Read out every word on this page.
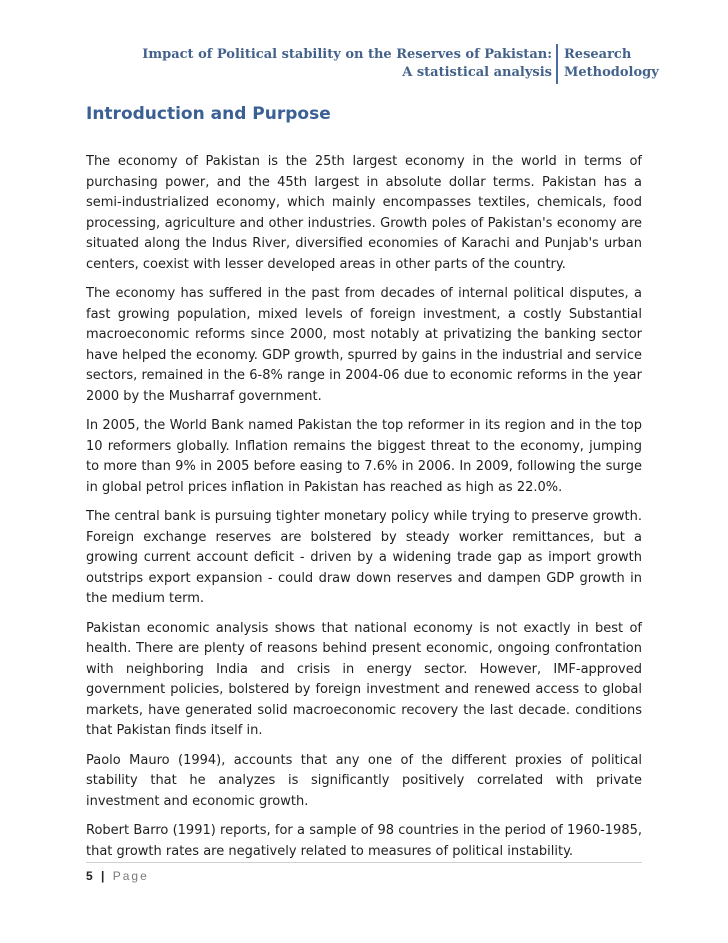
Impact of Political stability on the Reserves of Pakistan:
A statistical analysis
Research
Methodology
Introduction and Purpose

The economy of Pakistan is the 25th largest economy in the world in terms of purchasing power, and the 45th largest in absolute dollar terms. Pakistan has a semi-industrialized economy, which mainly encompasses textiles, chemicals, food processing, agriculture and other industries. Growth poles of Pakistan's economy are situated along the Indus River, diversified economies of Karachi and Punjab's urban centers, coexist with lesser developed areas in other parts of the country.

The economy has suffered in the past from decades of internal political disputes, a fast growing population, mixed levels of foreign investment, a costly Substantial macroeconomic reforms since 2000, most notably at privatizing the banking sector have helped the economy. GDP growth, spurred by gains in the industrial and service sectors, remained in the 6-8% range in 2004-06 due to economic reforms in the year 2000 by the Musharraf government.

In 2005, the World Bank named Pakistan the top reformer in its region and in the top 10 reformers globally. Inflation remains the biggest threat to the economy, jumping to more than 9% in 2005 before easing to 7.6% in 2006. In 2009, following the surge in global petrol prices inflation in Pakistan has reached as high as 22.0%.

The central bank is pursuing tighter monetary policy while trying to preserve growth. Foreign exchange reserves are bolstered by steady worker remittances, but a growing current account deficit - driven by a widening trade gap as import growth outstrips export expansion - could draw down reserves and dampen GDP growth in the medium term.

Pakistan economic analysis shows that national economy is not exactly in best of health. There are plenty of reasons behind present economic, ongoing confrontation with neighboring India and crisis in energy sector. However, IMF-approved government policies, bolstered by foreign investment and renewed access to global markets, have generated solid macroeconomic recovery the last decade. conditions that Pakistan finds itself in.

Paolo Mauro (1994), accounts that any one of the different proxies of political stability that he analyzes is significantly positively correlated with private investment and economic growth.

Robert Barro (1991) reports, for a sample of 98 countries in the period of 1960-1985, that growth rates are negatively related to measures of political instability.

5 | Page
